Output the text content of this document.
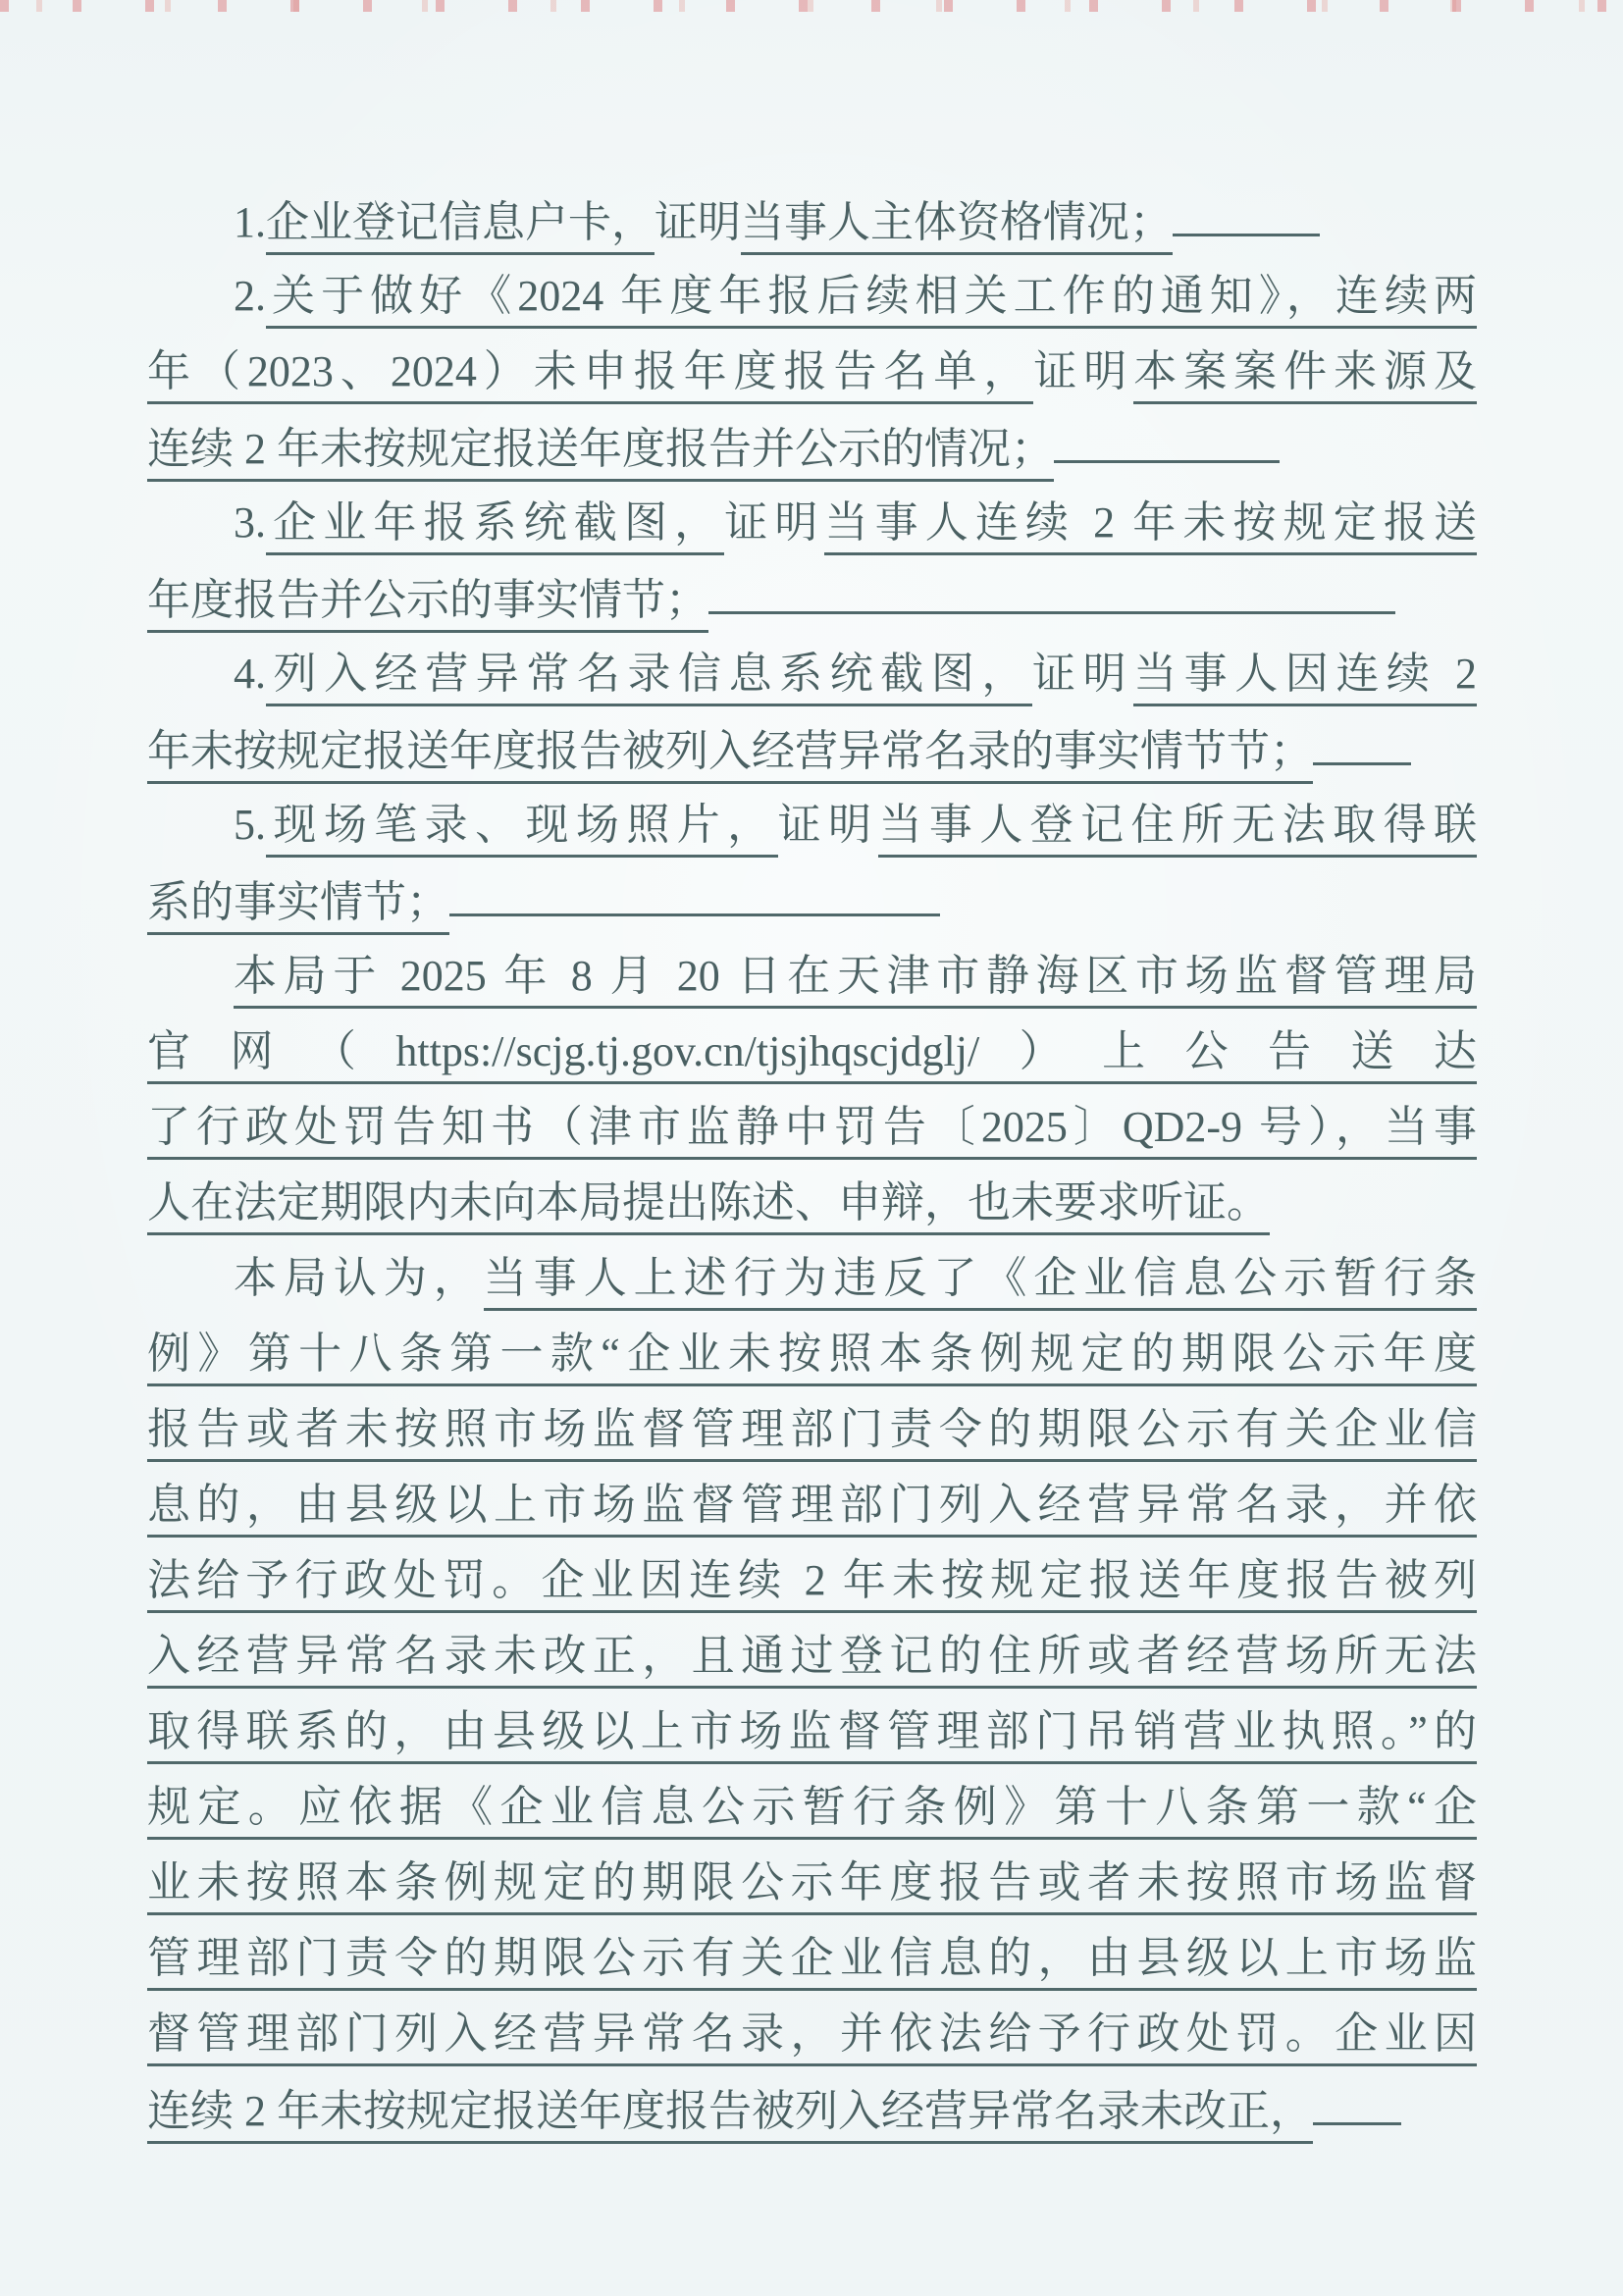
1.企业登记信息户卡，证明当事人主体资格情况；
2.关于做好《2024 年度年报后续相关工作的通知》，连续两
年（2023、2024）未申报年度报告名单，证明本案案件来源及
连续 2 年未按规定报送年度报告并公示的情况；
3.企业年报系统截图，证明当事人连续 2 年未按规定报送
年度报告并公示的事实情节；
4.列入经营异常名录信息系统截图，证明当事人因连续 2
年未按规定报送年度报告被列入经营异常名录的事实情节节；
5.现场笔录、现场照片，证明当事人登记住所无法取得联
系的事实情节；
本局于 2025 年 8 月 20 日在天津市静海区市场监督管理局
官网（https://scjg.tj.gov.cn/tjsjhqscjdglj/）上公告送达
了行政处罚告知书（津市监静中罚告〔2025〕QD2-9 号），当事
人在法定期限内未向本局提出陈述、申辩，也未要求听证。
本局认为，当事人上述行为违反了《企业信息公示暂行条
例》第十八条第一款“企业未按照本条例规定的期限公示年度
报告或者未按照市场监督管理部门责令的期限公示有关企业信
息的，由县级以上市场监督管理部门列入经营异常名录，并依
法给予行政处罚。企业因连续 2 年未按规定报送年度报告被列
入经营异常名录未改正，且通过登记的住所或者经营场所无法
取得联系的，由县级以上市场监督管理部门吊销营业执照。”的
规定。应依据《企业信息公示暂行条例》第十八条第一款“企
业未按照本条例规定的期限公示年度报告或者未按照市场监督
管理部门责令的期限公示有关企业信息的，由县级以上市场监
督管理部门列入经营异常名录，并依法给予行政处罚。企业因
连续 2 年未按规定报送年度报告被列入经营异常名录未改正，
